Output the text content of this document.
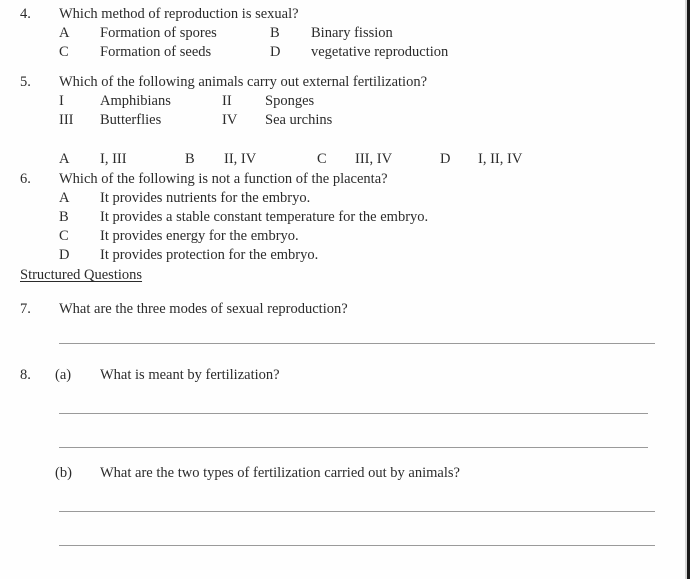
4. Which method of reproduction is sexual?
A Formation of spores	B Binary fission
C Formation of seeds	D vegetative reproduction
5. Which of the following animals carry out external fertilization?
I Amphibians	II Sponges
III Butterflies	IV Sea urchins
A I, III	B II, IV	C III, IV	D I, II, IV
6. Which of the following is not a function of the placenta?
A It provides nutrients for the embryo.
B It provides a stable constant temperature for the embryo.
C It provides energy for the embryo.
D It provides protection for the embryo.
Structured Questions
7. What are the three modes of sexual reproduction?
8. (a) What is meant by fertilization?
(b) What are the two types of fertilization carried out by animals?
